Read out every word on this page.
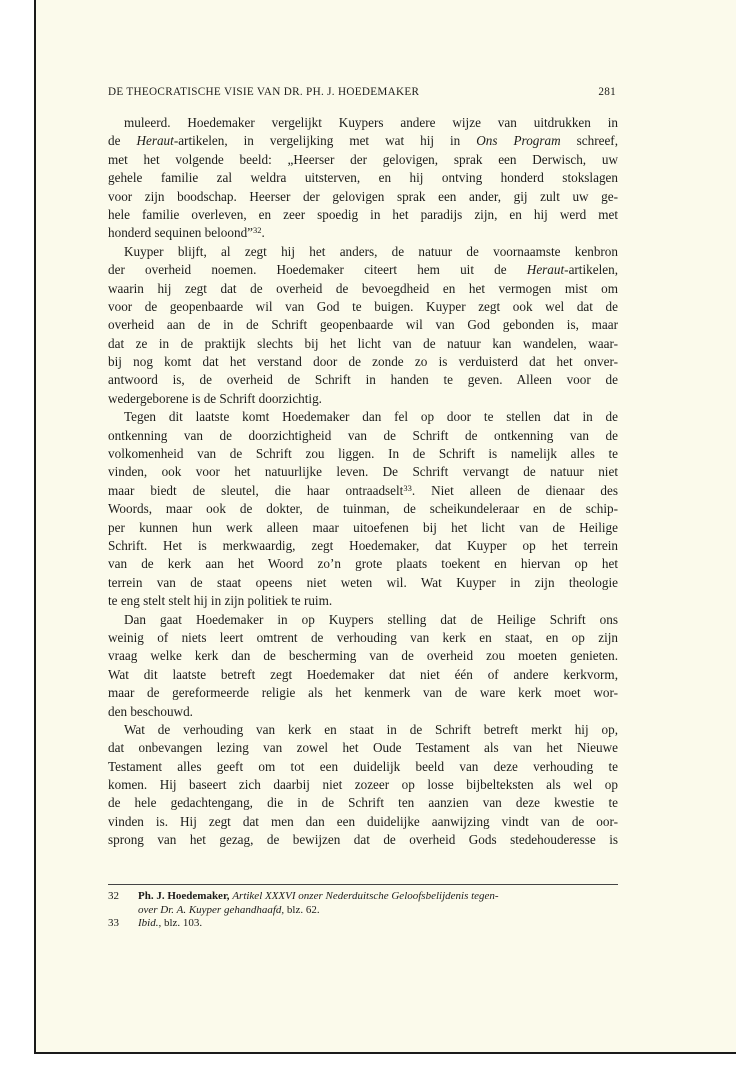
DE THEOCRATISCHE VISIE VAN DR. PH. J. HOEDEMAKER	281
muleerd. Hoedemaker vergelijkt Kuypers andere wijze van uitdrukken in
de Heraut-artikelen, in vergelijking met wat hij in Ons Program schreef,
met het volgende beeld: „Heerser der gelovigen, sprak een Derwisch, uw
gehele familie zal weldra uitsterven, en hij ontving honderd stokslagen
voor zijn boodschap. Heerser der gelovigen sprak een ander, gij zult uw ge-
hele familie overleven, en zeer spoedig in het paradijs zijn, en hij werd met
honderd sequinen beloond”$^{32}$.
Kuyper blijft, al zegt hij het anders, de natuur de voornaamste kenbron
der overheid noemen. Hoedemaker citeert hem uit de Heraut-artikelen,
waarin hij zegt dat de overheid de bevoegdheid en het vermogen mist om
voor de geopenbaarde wil van God te buigen. Kuyper zegt ook wel dat de
overheid aan de in de Schrift geopenbaarde wil van God gebonden is, maar
dat ze in de praktijk slechts bij het licht van de natuur kan wandelen, waar-
bij nog komt dat het verstand door de zonde zo is verduisterd dat het onver-
antwoord is, de overheid de Schrift in handen te geven. Alleen voor de
wedergeborene is de Schrift doorzichtig.
Tegen dit laatste komt Hoedemaker dan fel op door te stellen dat in de
ontkenning van de doorzichtigheid van de Schrift de ontkenning van de
volkomenheid van de Schrift zou liggen. In de Schrift is namelijk alles te
vinden, ook voor het natuurlijke leven. De Schrift vervangt de natuur niet
maar biedt de sleutel, die haar ontraadselt$^{33}$. Niet alleen de dienaar des
Woords, maar ook de dokter, de tuinman, de scheikundeleraar en de schip-
per kunnen hun werk alleen maar uitoefenen bij het licht van de Heilige
Schrift. Het is merkwaardig, zegt Hoedemaker, dat Kuyper op het terrein
van de kerk aan het Woord zo’n grote plaats toekent en hiervan op het
terrein van de staat opeens niet weten wil. Wat Kuyper in zijn theologie
te eng stelt stelt hij in zijn politiek te ruim.
Dan gaat Hoedemaker in op Kuypers stelling dat de Heilige Schrift ons
weinig of niets leert omtrent de verhouding van kerk en staat, en op zijn
vraag welke kerk dan de bescherming van de overheid zou moeten genieten.
Wat dit laatste betreft zegt Hoedemaker dat niet één of andere kerkvorm,
maar de gereformeerde religie als het kenmerk van de ware kerk moet wor-
den beschouwd.
Wat de verhouding van kerk en staat in de Schrift betreft merkt hij op,
dat onbevangen lezing van zowel het Oude Testament als van het Nieuwe
Testament alles geeft om tot een duidelijk beeld van deze verhouding te
komen. Hij baseert zich daarbij niet zozeer op losse bijbelteksten als wel op
de hele gedachtengang, die in de Schrift ten aanzien van deze kwestie te
vinden is. Hij zegt dat men dan een duidelijke aanwijzing vindt van de oor-
sprong van het gezag, de bewijzen dat de overheid Gods stedehouderesse is
32 Ph. J. Hoedemaker, Artikel XXXVI onzer Nederduitsche Geloofsbelijdenis tegen-
over Dr. A. Kuyper gehandhaafd, blz. 62.
33 Ibid., blz. 103.
